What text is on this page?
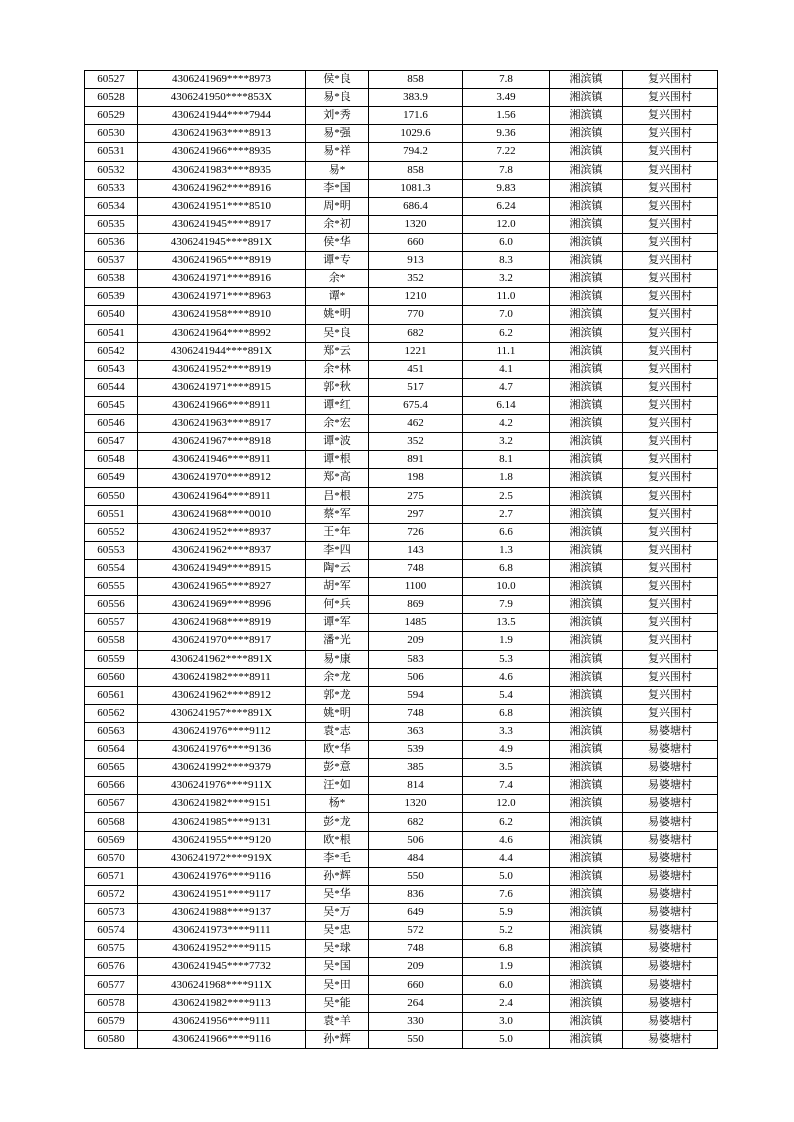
60527	4306241969****8973	侯*良	858	7.8	湘滨镇	复兴围村
60528	4306241950****853X	易*良	383.9	3.49	湘滨镇	复兴围村
60529	4306241944****7944	刘*秀	171.6	1.56	湘滨镇	复兴围村
60530	4306241963****8913	易*强	1029.6	9.36	湘滨镇	复兴围村
60531	4306241966****8935	易*祥	794.2	7.22	湘滨镇	复兴围村
60532	4306241983****8935	易*	858	7.8	湘滨镇	复兴围村
60533	4306241962****8916	李*国	1081.3	9.83	湘滨镇	复兴围村
60534	4306241951****8510	周*明	686.4	6.24	湘滨镇	复兴围村
60535	4306241945****8917	余*初	1320	12.0	湘滨镇	复兴围村
60536	4306241945****891X	侯*华	660	6.0	湘滨镇	复兴围村
60537	4306241965****8919	谭*专	913	8.3	湘滨镇	复兴围村
60538	4306241971****8916	余*	352	3.2	湘滨镇	复兴围村
60539	4306241971****8963	谭*	1210	11.0	湘滨镇	复兴围村
60540	4306241958****8910	姚*明	770	7.0	湘滨镇	复兴围村
60541	4306241964****8992	吴*良	682	6.2	湘滨镇	复兴围村
60542	4306241944****891X	郑*云	1221	11.1	湘滨镇	复兴围村
60543	4306241952****8919	余*林	451	4.1	湘滨镇	复兴围村
60544	4306241971****8915	郭*秋	517	4.7	湘滨镇	复兴围村
60545	4306241966****8911	谭*红	675.4	6.14	湘滨镇	复兴围村
60546	4306241963****8917	余*宏	462	4.2	湘滨镇	复兴围村
60547	4306241967****8918	谭*波	352	3.2	湘滨镇	复兴围村
60548	4306241946****8911	谭*根	891	8.1	湘滨镇	复兴围村
60549	4306241970****8912	郑*高	198	1.8	湘滨镇	复兴围村
60550	4306241964****8911	吕*根	275	2.5	湘滨镇	复兴围村
60551	4306241968****0010	蔡*军	297	2.7	湘滨镇	复兴围村
60552	4306241952****8937	王*年	726	6.6	湘滨镇	复兴围村
60553	4306241962****8937	李*四	143	1.3	湘滨镇	复兴围村
60554	4306241949****8915	陶*云	748	6.8	湘滨镇	复兴围村
60555	4306241965****8927	胡*军	1100	10.0	湘滨镇	复兴围村
60556	4306241969****8996	何*兵	869	7.9	湘滨镇	复兴围村
60557	4306241968****8919	谭*军	1485	13.5	湘滨镇	复兴围村
60558	4306241970****8917	潘*光	209	1.9	湘滨镇	复兴围村
60559	4306241962****891X	易*康	583	5.3	湘滨镇	复兴围村
60560	4306241982****8911	余*龙	506	4.6	湘滨镇	复兴围村
60561	4306241962****8912	郭*龙	594	5.4	湘滨镇	复兴围村
60562	4306241957****891X	姚*明	748	6.8	湘滨镇	复兴围村
60563	4306241976****9112	袁*志	363	3.3	湘滨镇	易婆塘村
60564	4306241976****9136	欧*华	539	4.9	湘滨镇	易婆塘村
60565	4306241992****9379	彭*意	385	3.5	湘滨镇	易婆塘村
60566	4306241976****911X	汪*如	814	7.4	湘滨镇	易婆塘村
60567	4306241982****9151	杨*	1320	12.0	湘滨镇	易婆塘村
60568	4306241985****9131	彭*龙	682	6.2	湘滨镇	易婆塘村
60569	4306241955****9120	欧*根	506	4.6	湘滨镇	易婆塘村
60570	4306241972****919X	李*毛	484	4.4	湘滨镇	易婆塘村
60571	4306241976****9116	孙*辉	550	5.0	湘滨镇	易婆塘村
60572	4306241951****9117	吴*华	836	7.6	湘滨镇	易婆塘村
60573	4306241988****9137	吴*万	649	5.9	湘滨镇	易婆塘村
60574	4306241973****9111	吴*忠	572	5.2	湘滨镇	易婆塘村
60575	4306241952****9115	吴*球	748	6.8	湘滨镇	易婆塘村
60576	4306241945****7732	吴*国	209	1.9	湘滨镇	易婆塘村
60577	4306241968****911X	吴*田	660	6.0	湘滨镇	易婆塘村
60578	4306241982****9113	吴*能	264	2.4	湘滨镇	易婆塘村
60579	4306241956****9111	袁*羊	330	3.0	湘滨镇	易婆塘村
60580	4306241966****9116	孙*辉	550	5.0	湘滨镇	易婆塘村
